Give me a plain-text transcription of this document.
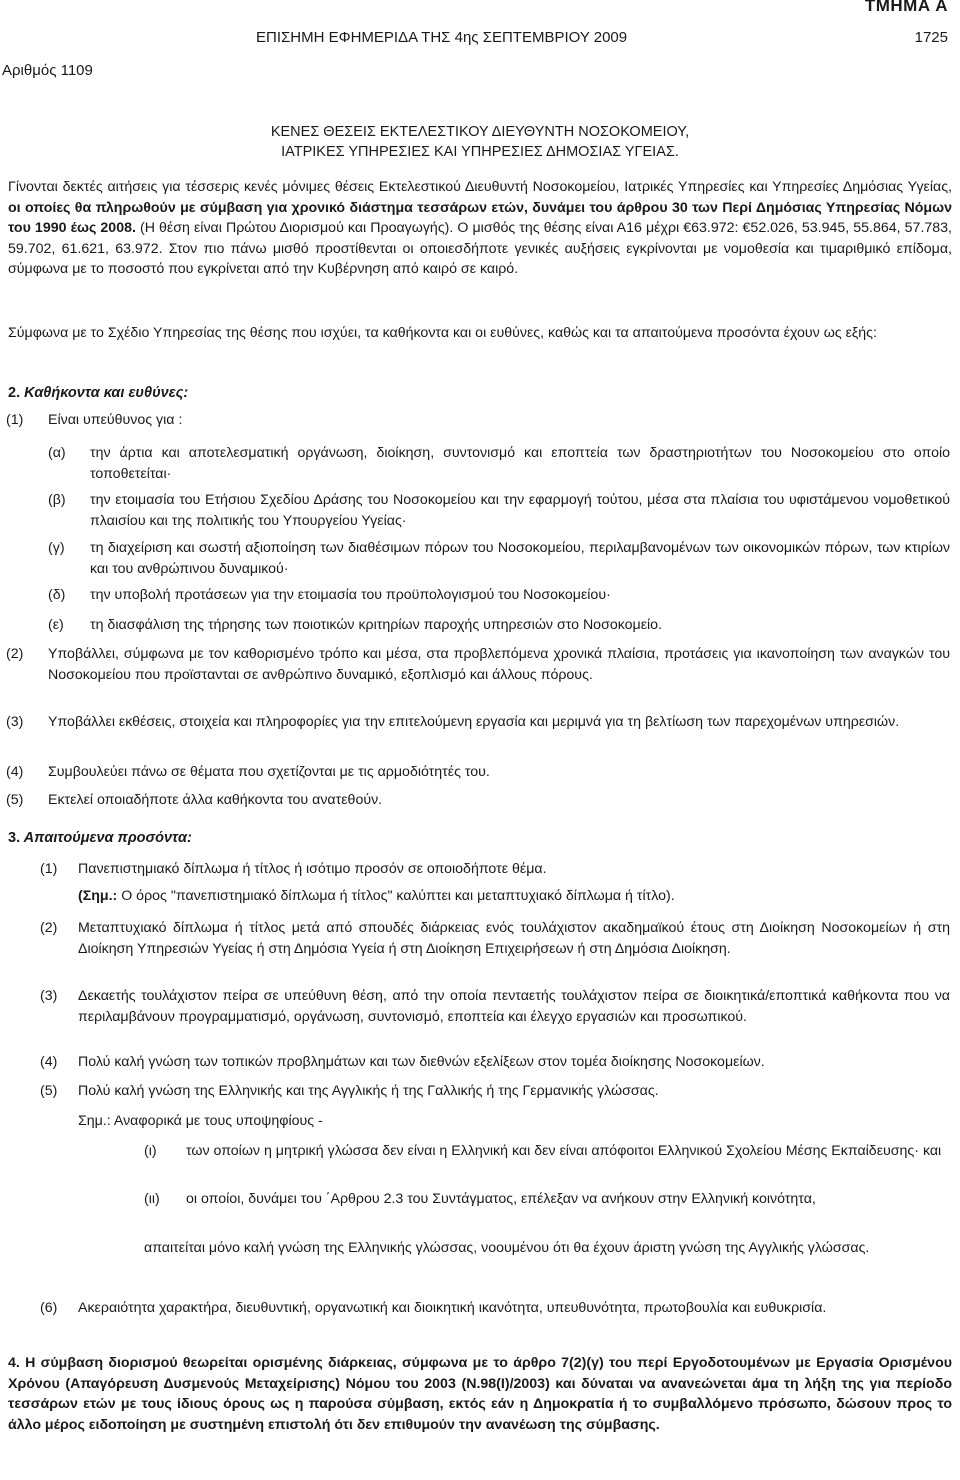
ΤΜΗΜΑ Α
ΕΠΙΣΗΜΗ ΕΦΗΜΕΡΙΔΑ ΤΗΣ 4ης ΣΕΠΤΕΜΒΡΙΟΥ 2009	1725
Αριθμός 1109
ΚΕΝΕΣ ΘΕΣΕΙΣ ΕΚΤΕΛΕΣΤΙΚΟΥ ΔΙΕΥΘΥΝΤΗ ΝΟΣΟΚΟΜΕΙΟΥ,
ΙΑΤΡΙΚΕΣ ΥΠΗΡΕΣΙΕΣ ΚΑΙ ΥΠΗΡΕΣΙΕΣ ΔΗΜΟΣΙΑΣ ΥΓΕΙΑΣ.
Γίνονται δεκτές αιτήσεις για τέσσερις κενές μόνιμες θέσεις Εκτελεστικού Διευθυντή Νοσοκομείου, Ιατρικές Υπηρεσίες και Υπηρεσίες Δημόσιας Υγείας, οι οποίες θα πληρωθούν με σύμβαση για χρονικό διάστημα τεσσάρων ετών, δυνάμει του άρθρου 30 των Περί Δημόσιας Υπηρεσίας Νόμων του 1990 έως 2008. (Η θέση είναι Πρώτου Διορισμού και Προαγωγής). Ο μισθός της θέσης είναι Α16 μέχρι €63.972: €52.026, 53.945, 55.864, 57.783, 59.702, 61.621, 63.972. Στον πιο πάνω μισθό προστίθενται οι οποιεσδήποτε γενικές αυξήσεις εγκρίνονται με νομοθεσία και τιμαριθμικό επίδομα, σύμφωνα με το ποσοστό που εγκρίνεται από την Κυβέρνηση από καιρό σε καιρό.
Σύμφωνα με το Σχέδιο Υπηρεσίας της θέσης που ισχύει, τα καθήκοντα και οι ευθύνες, καθώς και τα απαιτούμενα προσόντα έχουν ως εξής:
2. Καθήκοντα και ευθύνες:
(1) Είναι υπεύθυνος για :
(α) την άρτια και αποτελεσματική οργάνωση, διοίκηση, συντονισμό και εποπτεία των δραστηριοτήτων του Νοσοκομείου στο οποίο τοποθετείται·
(β) την ετοιμασία του Ετήσιου Σχεδίου Δράσης του Νοσοκομείου και την εφαρμογή τούτου, μέσα στα πλαίσια του υφιστάμενου νομοθετικού πλαισίου και της πολιτικής του Υπουργείου Υγείας·
(γ) τη διαχείριση και σωστή αξιοποίηση των διαθέσιμων πόρων του Νοσοκομείου, περιλαμβανομένων των οικονομικών πόρων, των κτιρίων και του ανθρώπινου δυναμικού·
(δ) την υποβολή προτάσεων για την ετοιμασία του προϋπολογισμού του Νοσοκομείου·
(ε) τη διασφάλιση της τήρησης των ποιοτικών κριτηρίων παροχής υπηρεσιών στο Νοσοκομείο.
(2) Υποβάλλει, σύμφωνα με τον καθορισμένο τρόπο και μέσα, στα προβλεπόμενα χρονικά πλαίσια, προτάσεις για ικανοποίηση των αναγκών του Νοσοκομείου που προϊστανται σε ανθρώπινο δυναμικό, εξοπλισμό και άλλους πόρους.
(3) Υποβάλλει εκθέσεις, στοιχεία και πληροφορίες για την επιτελούμενη εργασία και μεριμνά για τη βελτίωση των παρεχομένων υπηρεσιών.
(4) Συμβουλεύει πάνω σε θέματα που σχετίζονται με τις αρμοδιότητές του.
(5) Εκτελεί οποιαδήποτε άλλα καθήκοντα του ανατεθούν.
3. Απαιτούμενα προσόντα:
(1) Πανεπιστημιακό δίπλωμα ή τίτλος ή ισότιμο προσόν σε οποιοδήποτε θέμα.
(Σημ.: Ο όρος "πανεπιστημιακό δίπλωμα ή τίτλος" καλύπτει και μεταπτυχιακό δίπλωμα ή τίτλο).
(2) Μεταπτυχιακό δίπλωμα ή τίτλος μετά από σπουδές διάρκειας ενός τουλάχιστον ακαδημαϊκού έτους στη Διοίκηση Νοσοκομείων ή στη Διοίκηση Υπηρεσιών Υγείας ή στη Δημόσια Υγεία ή στη Διοίκηση Επιχειρήσεων ή στη Δημόσια Διοίκηση.
(3) Δεκαετής τουλάχιστον πείρα σε υπεύθυνη θέση, από την οποία πενταετής τουλάχιστον πείρα σε διοικητικά/εποπτικά καθήκοντα που να περιλαμβάνουν προγραμματισμό, οργάνωση, συντονισμό, εποπτεία και έλεγχο εργασιών και προσωπικού.
(4) Πολύ καλή γνώση των τοπικών προβλημάτων και των διεθνών εξελίξεων στον τομέα διοίκησης Νοσοκομείων.
(5) Πολύ καλή γνώση της Ελληνικής και της Αγγλικής ή της Γαλλικής ή της Γερμανικής γλώσσας.
Σημ.: Αναφορικά με τους υποψηφίους -
(ι) των οποίων η μητρική γλώσσα δεν είναι η Ελληνική και δεν είναι απόφοιτοι Ελληνικού Σχολείου Μέσης Εκπαίδευσης· και
(ιι) οι οποίοι, δυνάμει του ΄Αρθρου 2.3 του Συντάγματος, επέλεξαν να ανήκουν στην Ελληνική κοινότητα,
απαιτείται μόνο καλή γνώση της Ελληνικής γλώσσας, νοουμένου ότι θα έχουν άριστη γνώση της Αγγλικής γλώσσας.
(6) Ακεραιότητα χαρακτήρα, διευθυντική, οργανωτική και διοικητική ικανότητα, υπευθυνότητα, πρωτοβουλία και ευθυκρισία.
4. Η σύμβαση διορισμού θεωρείται ορισμένης διάρκειας, σύμφωνα με το άρθρο 7(2)(γ) του περί Εργοδοτουμένων με Εργασία Ορισμένου Χρόνου (Απαγόρευση Δυσμενούς Μεταχείρισης) Νόμου του 2003 (Ν.98(Ι)/2003) και δύναται να ανανεώνεται άμα τη λήξη της για περίοδο τεσσάρων ετών με τους ίδιους όρους ως η παρούσα σύμβαση, εκτός εάν η Δημοκρατία ή το συμβαλλόμενο πρόσωπο, δώσουν προς το άλλο μέρος ειδοποίηση με συστημένη επιστολή ότι δεν επιθυμούν την ανανέωση της σύμβασης.
